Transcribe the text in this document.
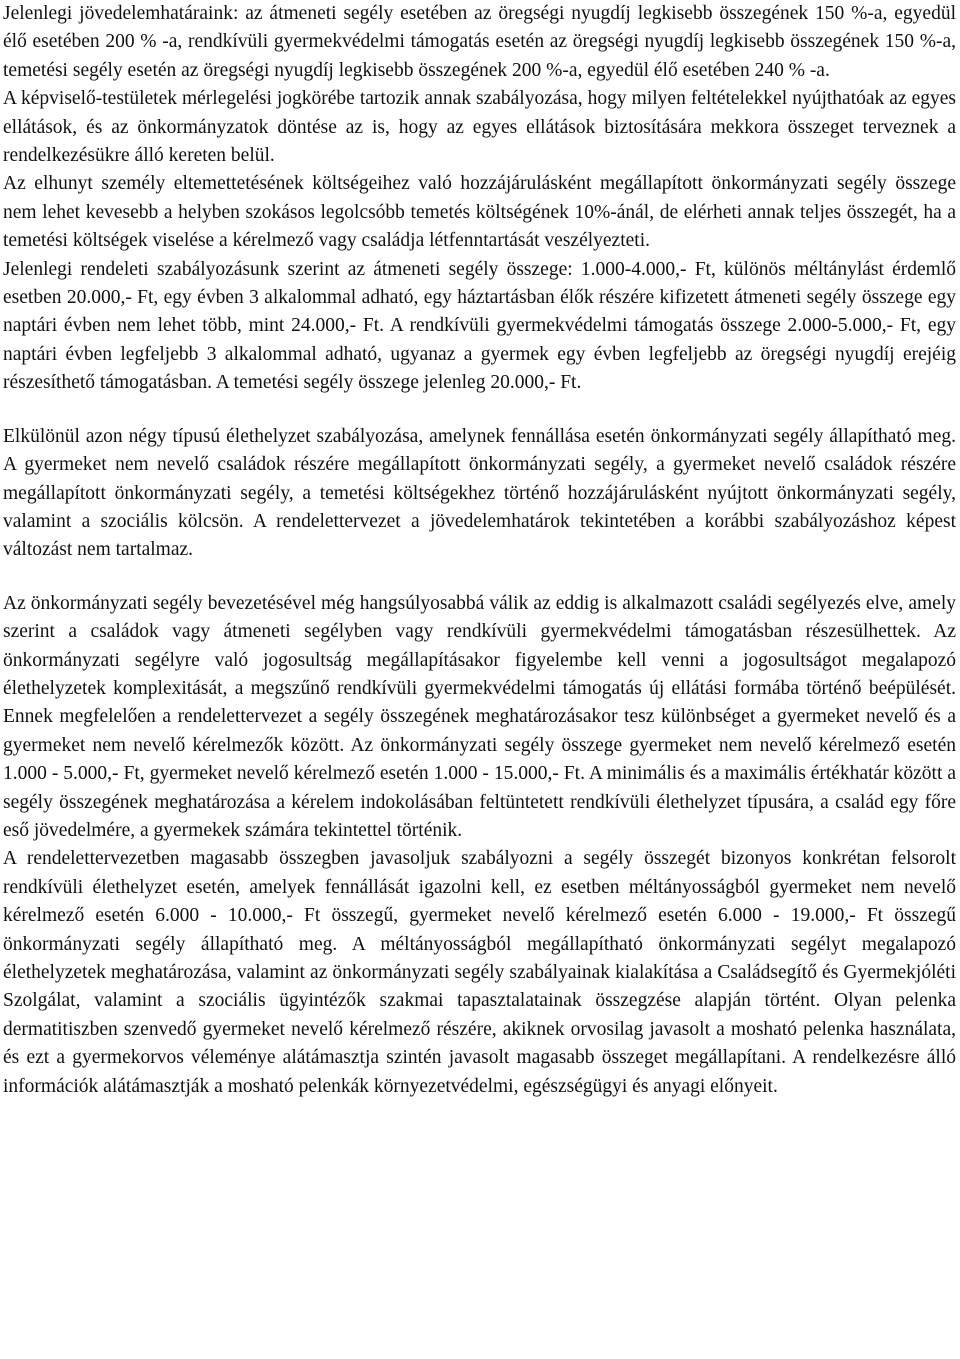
Jelenlegi jövedelemhatáraink: az átmeneti segély esetében az öregségi nyugdíj legkisebb összegének 150 %-a, egyedül élő esetében 200 % -a, rendkívüli gyermekvédelmi támogatás esetén az öregségi nyugdíj legkisebb összegének 150 %-a, temetési segély esetén az öregségi nyugdíj legkisebb összegének 200 %-a, egyedül élő esetében 240 % -a.

A képviselő-testületek mérlegelési jogkörébe tartozik annak szabályozása, hogy milyen feltételekkel nyújthatóak az egyes ellátások, és az önkormányzatok döntése az is, hogy az egyes ellátások biztosítására mekkora összeget terveznek a rendelkezésükre álló kereten belül.

Az elhunyt személy eltemettetésének költségeihez való hozzájárulásként megállapított önkormányzati segély összege nem lehet kevesebb a helyben szokásos legolcsóbb temetés költségének 10%-ánál, de elérheti annak teljes összegét, ha a temetési költségek viselése a kérelmező vagy családja létfenntartását veszélyezteti.

Jelenlegi rendeleti szabályozásunk szerint az átmeneti segély összege: 1.000-4.000,- Ft, különös méltánylást érdemlő esetben 20.000,- Ft, egy évben 3 alkalommal adható, egy háztartásban élők részére kifizetett átmeneti segély összege egy naptári évben nem lehet több, mint 24.000,- Ft. A rendkívüli gyermekvédelmi támogatás összege 2.000-5.000,- Ft, egy naptári évben legfeljebb 3 alkalommal adható, ugyanaz a gyermek egy évben legfeljebb az öregségi nyugdíj erejéig részesíthető támogatásban. A temetési segély összege jelenleg 20.000,- Ft.

Elkülönül azon négy típusú élethelyzet szabályozása, amelynek fennállása esetén önkormányzati segély állapítható meg. A gyermeket nem nevelő családok részére megállapított önkormányzati segély, a gyermeket nevelő családok részére megállapított önkormányzati segély, a temetési költségekhez történő hozzájárulásként nyújtott önkormányzati segély, valamint a szociális kölcsön. A rendelettervezet a jövedelemhatárok tekintetében a korábbi szabályozáshoz képest változást nem tartalmaz.

Az önkormányzati segély bevezetésével még hangsúlyosabbá válik az eddig is alkalmazott családi segélyezés elve, amely szerint a családok vagy átmeneti segélyben vagy rendkívüli gyermekvédelmi támogatásban részesülhettek. Az önkormányzati segélyre való jogosultság megállapításakor figyelembe kell venni a jogosultságot megalapozó élethelyzetek komplexitását, a megszűnő rendkívüli gyermekvédelmi támogatás új ellátási formába történő beépülését. Ennek megfelelően a rendelettervezet a segély összegének meghatározásakor tesz különbséget a gyermeket nevelő és a gyermeket nem nevelő kérelmezők között. Az önkormányzati segély összege gyermeket nem nevelő kérelmező esetén 1.000 - 5.000,- Ft, gyermeket nevelő kérelmező esetén 1.000 - 15.000,- Ft. A minimális és a maximális értékhatár között a segély összegének meghatározása a kérelem indokolásában feltüntetett rendkívüli élethelyzet típusára, a család egy főre eső jövedelmére, a gyermekek számára tekintettel történik.

A rendelettervezetben magasabb összegben javasoljuk szabályozni a segély összegét bizonyos konkrétan felsorolt rendkívüli élethelyzet esetén, amelyek fennállását igazolni kell, ez esetben méltányosságból gyermeket nem nevelő kérelmező esetén 6.000 - 10.000,- Ft összegű, gyermeket nevelő kérelmező esetén 6.000 - 19.000,- Ft összegű önkormányzati segély állapítható meg. A méltányosságból megállapítható önkormányzati segélyt megalapozó élethelyzetek meghatározása, valamint az önkormányzati segély szabályainak kialakítása a Családsegítő és Gyermekjóléti Szolgálat, valamint a szociális ügyintézők szakmai tapasztalatainak összegzése alapján történt. Olyan pelenka dermatitiszben szenvedő gyermeket nevelő kérelmező részére, akiknek orvosilag javasolt a mosható pelenka használata, és ezt a gyermekorvos véleménye alátámasztja szintén javasolt magasabb összeget megállapítani. A rendelkezésre álló információk alátámasztják a mosható pelenkák környezetvédelmi, egészségügyi és anyagi előnyeit.
